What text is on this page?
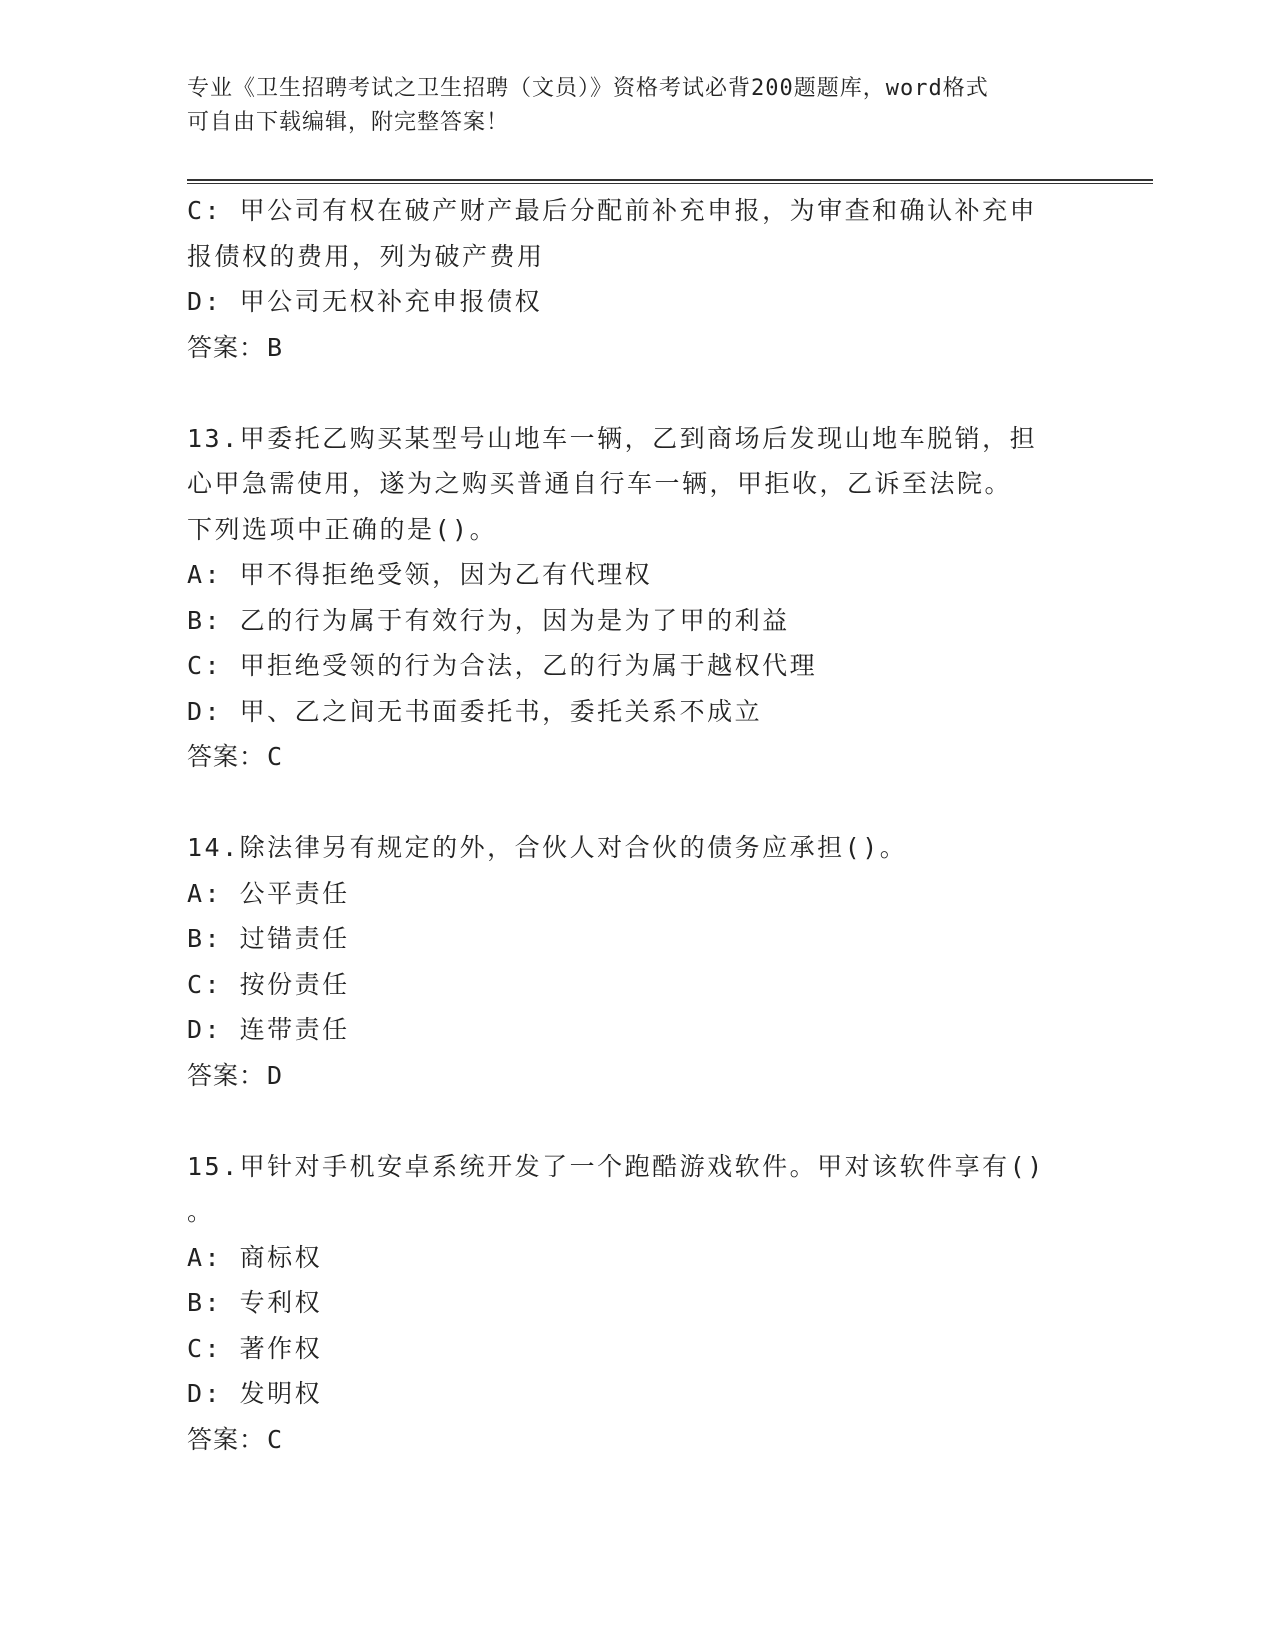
专业《卫生招聘考试之卫生招聘（文员）》资格考试必背200题题库，word格式
可自由下载编辑，附完整答案！
C: 甲公司有权在破产财产最后分配前补充申报，为审查和确认补充申
报债权的费用，列为破产费用
D: 甲公司无权补充申报债权
答案：B
13.甲委托乙购买某型号山地车一辆，乙到商场后发现山地车脱销，担
心甲急需使用，遂为之购买普通自行车一辆，甲拒收，乙诉至法院。
下列选项中正确的是()。
A: 甲不得拒绝受领，因为乙有代理权
B: 乙的行为属于有效行为，因为是为了甲的利益
C: 甲拒绝受领的行为合法，乙的行为属于越权代理
D: 甲、乙之间无书面委托书，委托关系不成立
答案：C
14.除法律另有规定的外，合伙人对合伙的债务应承担()。
A: 公平责任
B: 过错责任
C: 按份责任
D: 连带责任
答案：D
15.甲针对手机安卓系统开发了一个跑酷游戏软件。甲对该软件享有()
。
A: 商标权
B: 专利权
C: 著作权
D: 发明权
答案：C
